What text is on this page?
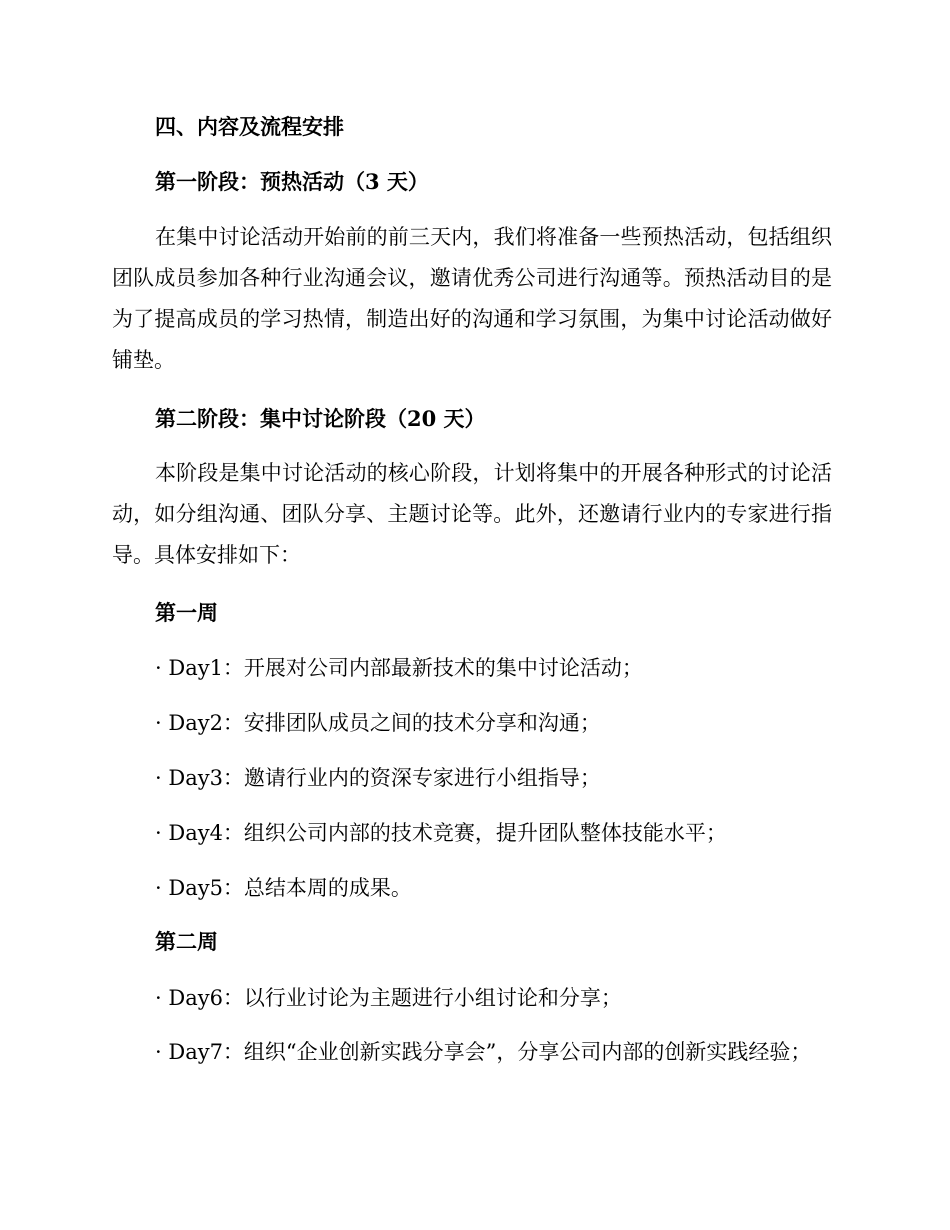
四、内容及流程安排
第一阶段：预热活动（3 天）
在集中讨论活动开始前的前三天内，我们将准备一些预热活动，包括组织团队成员参加各种行业沟通会议，邀请优秀公司进行沟通等。预热活动目的是为了提高成员的学习热情，制造出好的沟通和学习氛围，为集中讨论活动做好铺垫。
第二阶段：集中讨论阶段（20 天）
本阶段是集中讨论活动的核心阶段，计划将集中的开展各种形式的讨论活动，如分组沟通、团队分享、主题讨论等。此外，还邀请行业内的专家进行指导。具体安排如下：
第一周
· Day1：开展对公司内部最新技术的集中讨论活动；
· Day2：安排团队成员之间的技术分享和沟通；
· Day3：邀请行业内的资深专家进行小组指导；
· Day4：组织公司内部的技术竞赛，提升团队整体技能水平；
· Day5：总结本周的成果。
第二周
· Day6：以行业讨论为主题进行小组讨论和分享；
· Day7：组织“企业创新实践分享会”，分享公司内部的创新实践经验；
